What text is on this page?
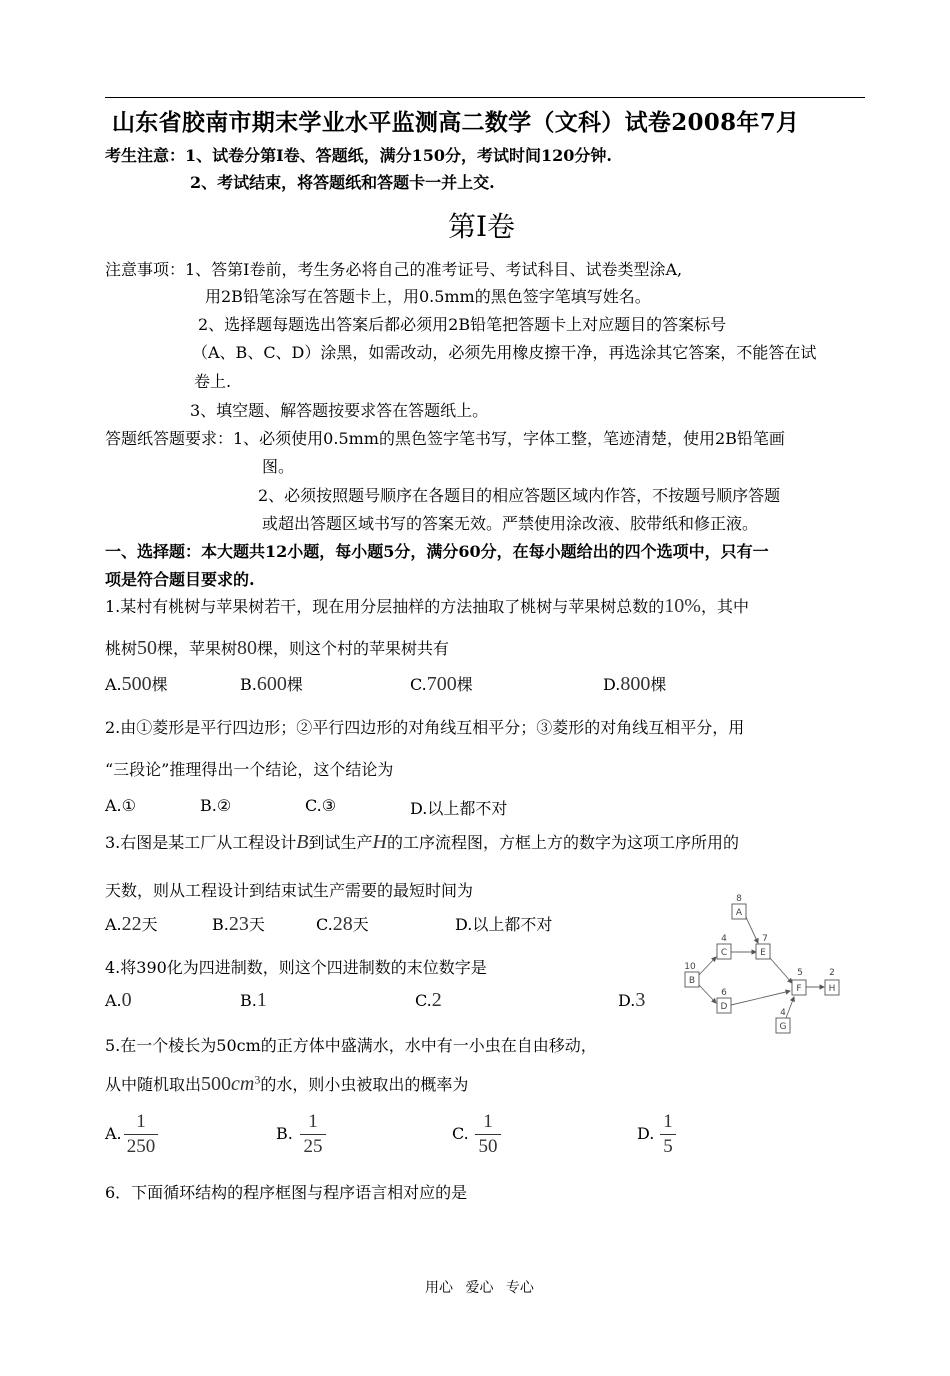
山东省胶南市期末学业水平监测高二数学（文科）试卷2008年7月
考生注意：1、试卷分第Ⅰ卷、答题纸，满分150分，考试时间120分钟.
2、考试结束，将答题纸和答题卡一并上交.
第Ⅰ卷
注意事项：1、答第Ⅰ卷前，考生务必将自己的准考证号、考试科目、试卷类型涂A,
用2B铅笔涂写在答题卡上，用0.5mm的黑色签字笔填写姓名。
2、选择题每题选出答案后都必须用2B铅笔把答题卡上对应题目的答案标号
（A、B、C、D）涂黑，如需改动，必须先用橡皮擦干净，再选涂其它答案，不能答在试
卷上.
3、填空题、解答题按要求答在答题纸上。
答题纸答题要求：1、必须使用0.5mm的黑色签字笔书写，字体工整，笔迹清楚，使用2B铅笔画
图。
2、必须按照题号顺序在各题目的相应答题区域内作答，不按题号顺序答题
或超出答题区域书写的答案无效。严禁使用涂改液、胶带纸和修正液。
一、选择题：本大题共12小题，每小题5分，满分60分，在每小题给出的四个选项中，只有一
项是符合题目要求的.
1.某村有桃树与苹果树若干，现在用分层抽样的方法抽取了桃树与苹果树总数的10%，其中
桃树50棵，苹果树80棵，则这个村的苹果树共有
A.500棵	B.600棵	C.700棵	D.800棵
2.由①菱形是平行四边形；②平行四边形的对角线互相平分；③菱形的对角线互相平分，用
“三段论”推理得出一个结论，这个结论为
A.①	B.②	C.③	D.以上都不对
3.右图是某工厂从工程设计B到试生产H的工序流程图，方框上方的数字为这项工序所用的
天数，则从工程设计到结束试生产需要的最短时间为
A.22天	B.23天	C.28天	D.以上都不对
4.将390化为四进制数，则这个四进制数的末位数字是
A.0	B.1	C.2	D.3
5.在一个棱长为50cm的正方体中盛满水，水中有一小虫在自由移动，
从中随机取出$500cm^3$的水，则小虫被取出的概率为
A.
1
250
B.
1
25
C.
1
50
D.
1
5
6．下面循环结构的程序框图与程序语言相对应的是
A
8
C
4
E
7
B
10
D
6	F
5
H
2
G
4
用心 爱心 专心
